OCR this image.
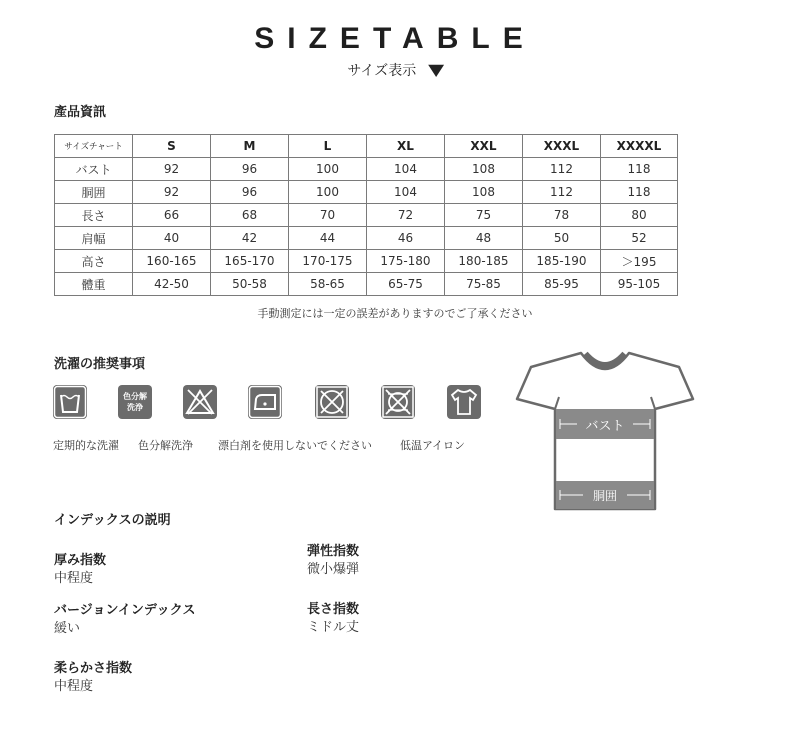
SIZETABLE
サイズ表示 ▼
產品資訊
サイズチャート	S	M	L	XL	XXL	XXXL	XXXXL
バスト	92	96	100	104	108	112	118
胴囲	92	96	100	104	108	112	118
長さ	66	68	70	72	75	78	80
肩幅	40	42	44	46	48	50	52
高さ	160-165	165-170	170-175	175-180	180-185	185-190	＞195
體重	42-50	50-58	58-65	65-75	75-85	85-95	95-105
手動測定には一定の誤差がありますのでご了承ください
洗濯の推奨事項
色分解
洗浄
定期的な洗濯 色分解洗浄 漂白剤を使用しないでください	低温アイロン
バスト
胴囲
インデックスの説明
厚み指数
中程度
弾性指数
微小爆弾
バージョンインデックス
緩い
長さ指数
ミドル丈
柔らかさ指数
中程度
